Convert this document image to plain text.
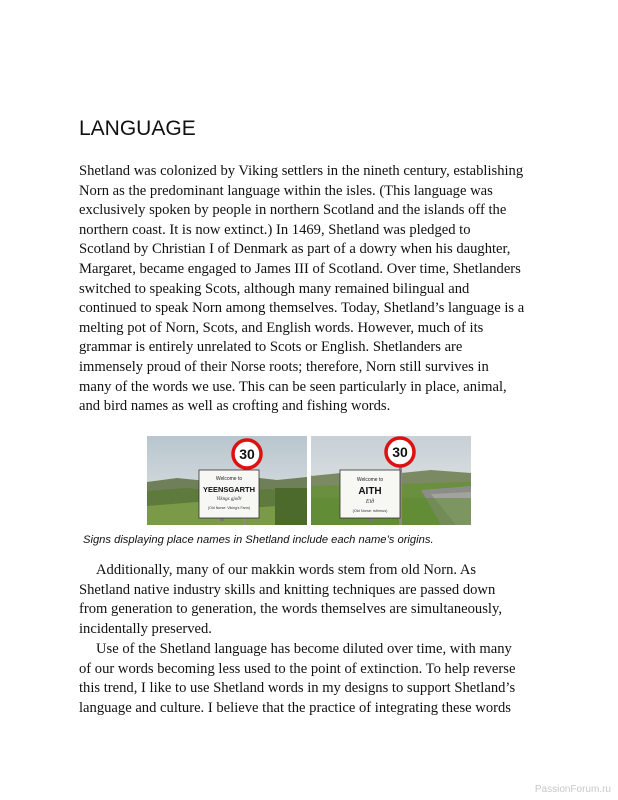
LANGUAGE
Shetland was colonized by Viking settlers in the nineth century, establishing
Norn as the predominant language within the isles. (This language was
exclusively spoken by people in northern Scotland and the islands off the
northern coast. It is now extinct.) In 1469, Shetland was pledged to
Scotland by Christian I of Denmark as part of a dowry when his daughter,
Margaret, became engaged to James III of Scotland. Over time, Shetlanders
switched to speaking Scots, although many remained bilingual and
continued to speak Norn among themselves. Today, Shetland’s language is a
melting pot of Norn, Scots, and English words. However, much of its
grammar is entirely unrelated to Scots or English. Shetlanders are
immensely proud of their Norse roots; therefore, Norn still survives in
many of the words we use. This can be seen particularly in place, animal,
and bird names as well as crofting and fishing words.
30
Welcome to
YEENSGARTH
Vikngs gjoðr
(Old Norse: Viking's Farm)
30
Welcome to
AITH
Eið
(Old Norse: isthmus)
Signs displaying place names in Shetland include each name’s origins.
Additionally, many of our makkin words stem from old Norn. As
Shetland native industry skills and knitting techniques are passed down
from generation to generation, the words themselves are simultaneously,
incidentally preserved.
Use of the Shetland language has become diluted over time, with many
of our words becoming less used to the point of extinction. To help reverse
this trend, I like to use Shetland words in my designs to support Shetland’s
language and culture. I believe that the practice of integrating these words
PassionForum.ru
